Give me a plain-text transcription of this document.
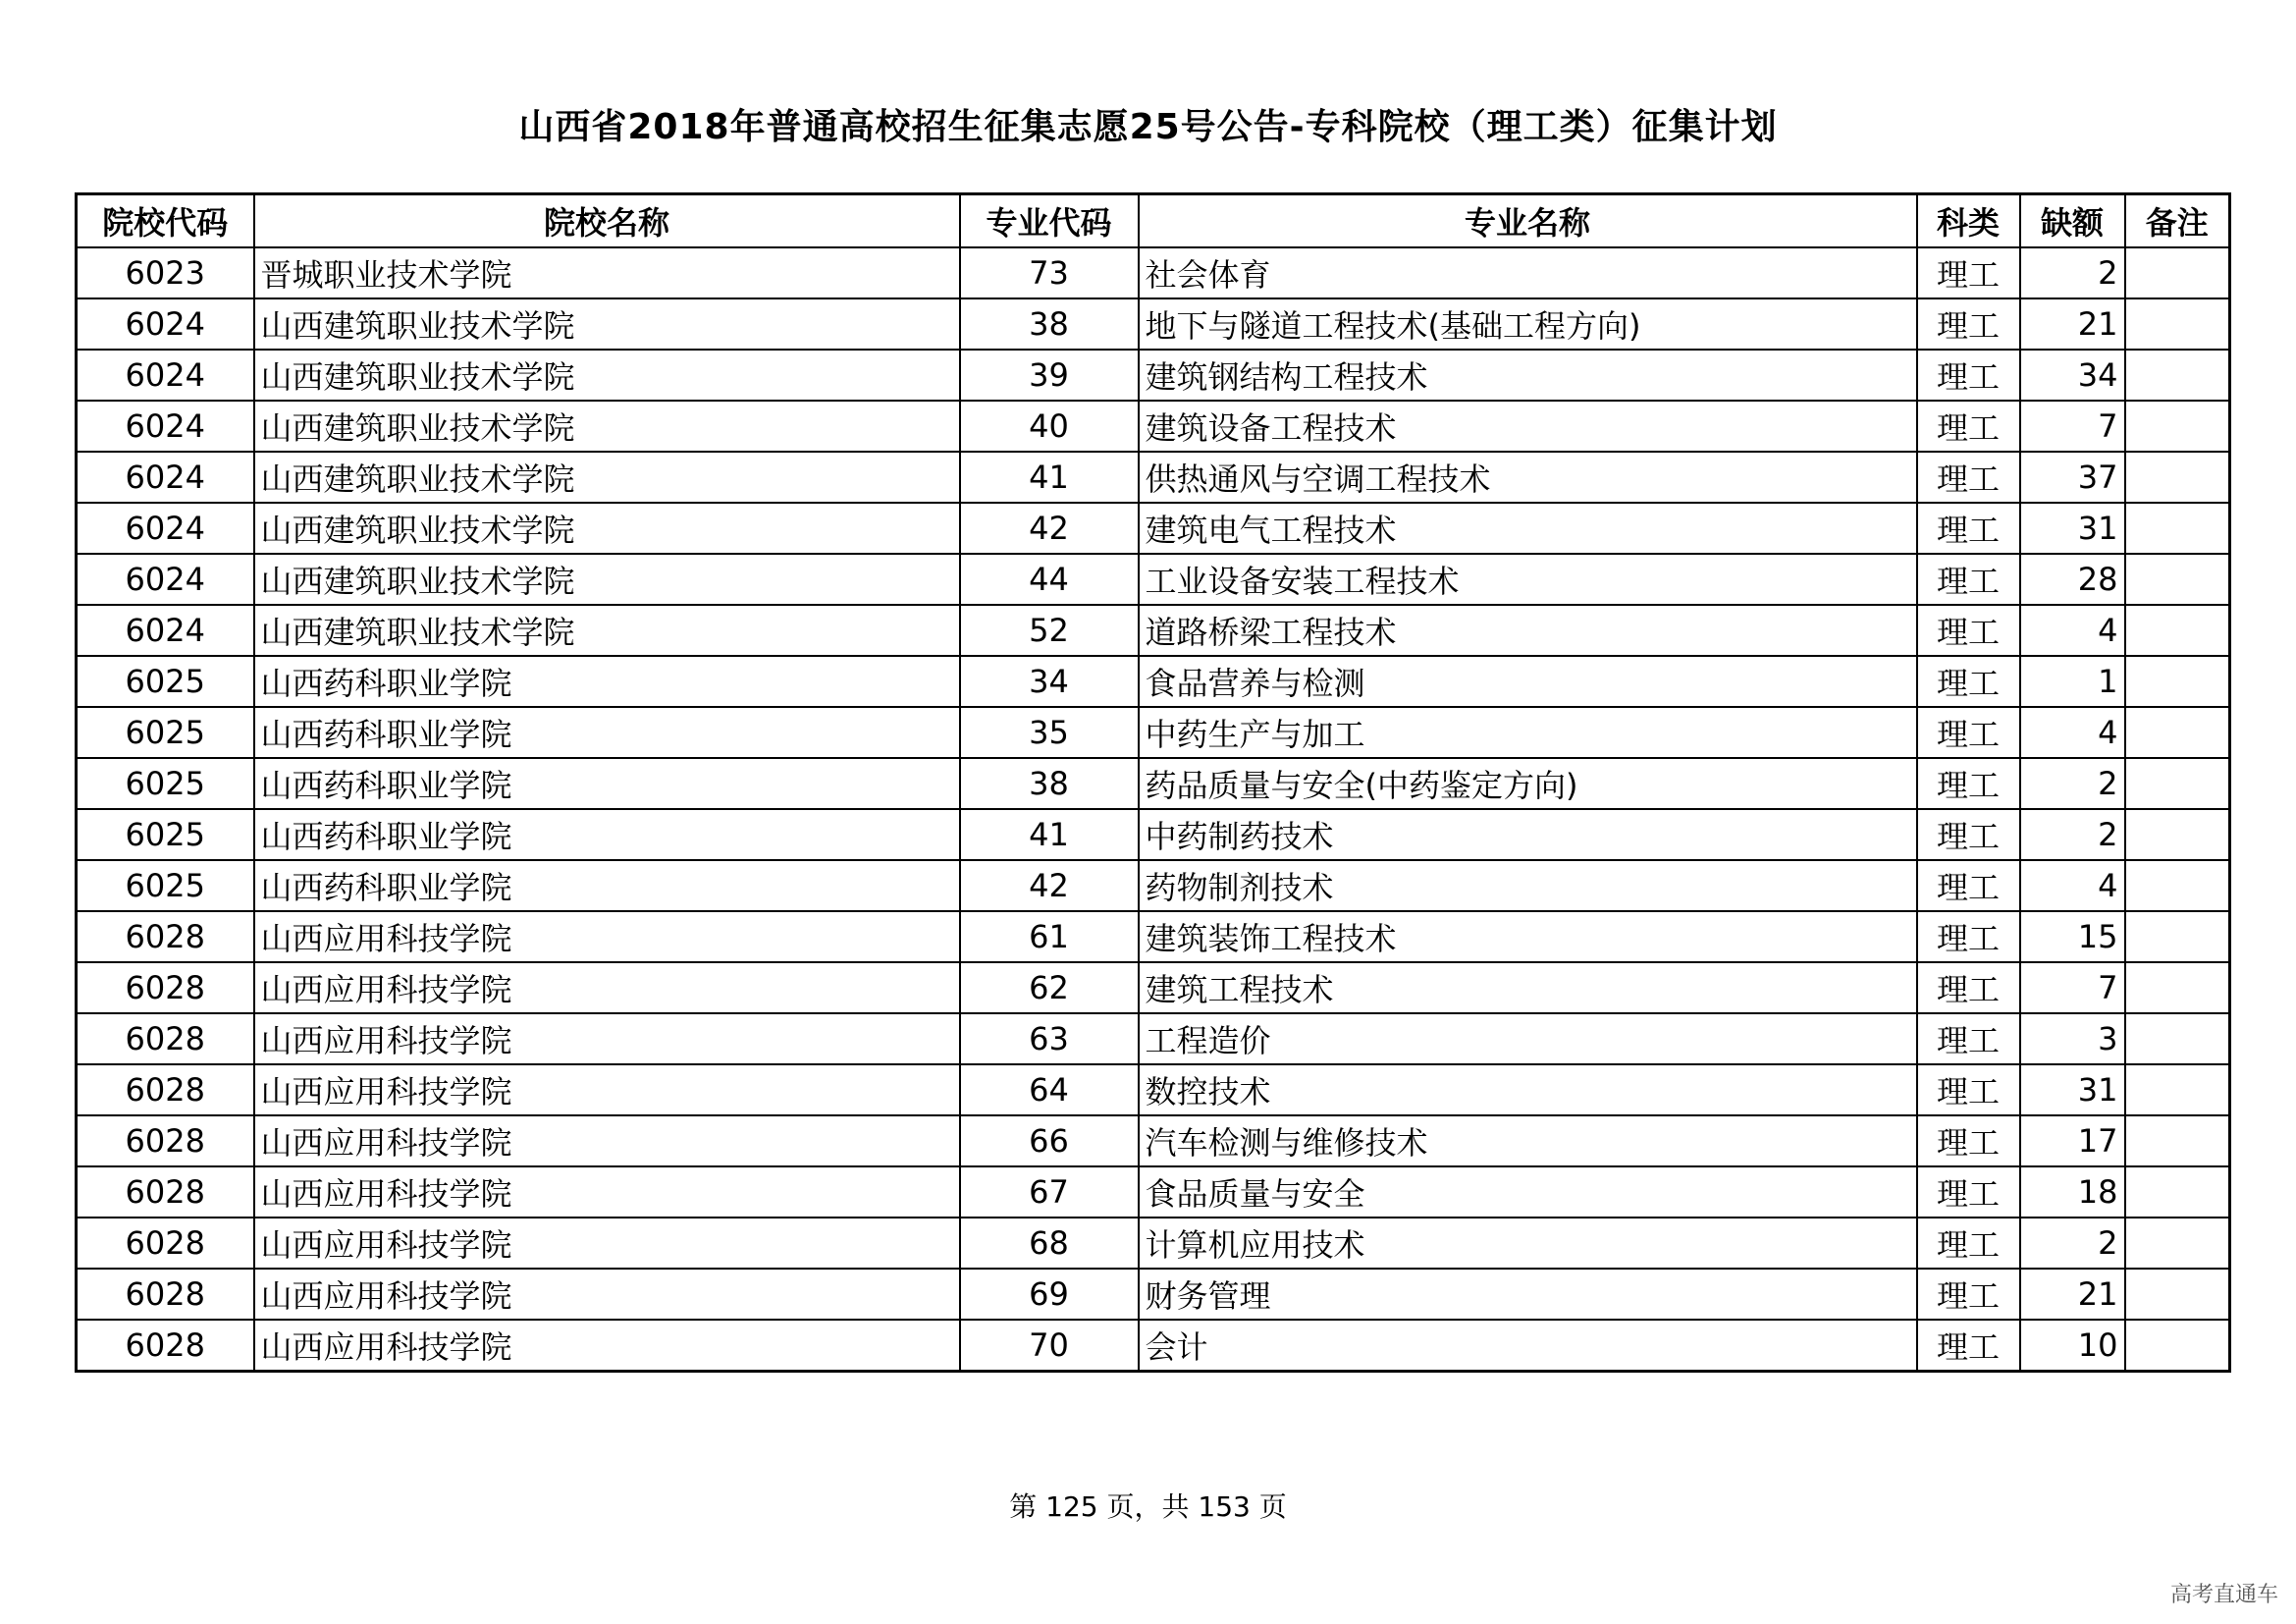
山西省2018年普通高校招生征集志愿25号公告-专科院校（理工类）征集计划
院校代码	院校名称	专业代码	专业名称	科类	缺额	备注
6023	晋城职业技术学院	73	社会体育	理工	2	
6024	山西建筑职业技术学院	38	地下与隧道工程技术(基础工程方向)	理工	21	
6024	山西建筑职业技术学院	39	建筑钢结构工程技术	理工	34	
6024	山西建筑职业技术学院	40	建筑设备工程技术	理工	7	
6024	山西建筑职业技术学院	41	供热通风与空调工程技术	理工	37	
6024	山西建筑职业技术学院	42	建筑电气工程技术	理工	31	
6024	山西建筑职业技术学院	44	工业设备安装工程技术	理工	28	
6024	山西建筑职业技术学院	52	道路桥梁工程技术	理工	4	
6025	山西药科职业学院	34	食品营养与检测	理工	1	
6025	山西药科职业学院	35	中药生产与加工	理工	4	
6025	山西药科职业学院	38	药品质量与安全(中药鉴定方向)	理工	2	
6025	山西药科职业学院	41	中药制药技术	理工	2	
6025	山西药科职业学院	42	药物制剂技术	理工	4	
6028	山西应用科技学院	61	建筑装饰工程技术	理工	15	
6028	山西应用科技学院	62	建筑工程技术	理工	7	
6028	山西应用科技学院	63	工程造价	理工	3	
6028	山西应用科技学院	64	数控技术	理工	31	
6028	山西应用科技学院	66	汽车检测与维修技术	理工	17	
6028	山西应用科技学院	67	食品质量与安全	理工	18	
6028	山西应用科技学院	68	计算机应用技术	理工	2	
6028	山西应用科技学院	69	财务管理	理工	21	
6028	山西应用科技学院	70	会计	理工	10	
第 125 页，共 153 页
高考直通车
